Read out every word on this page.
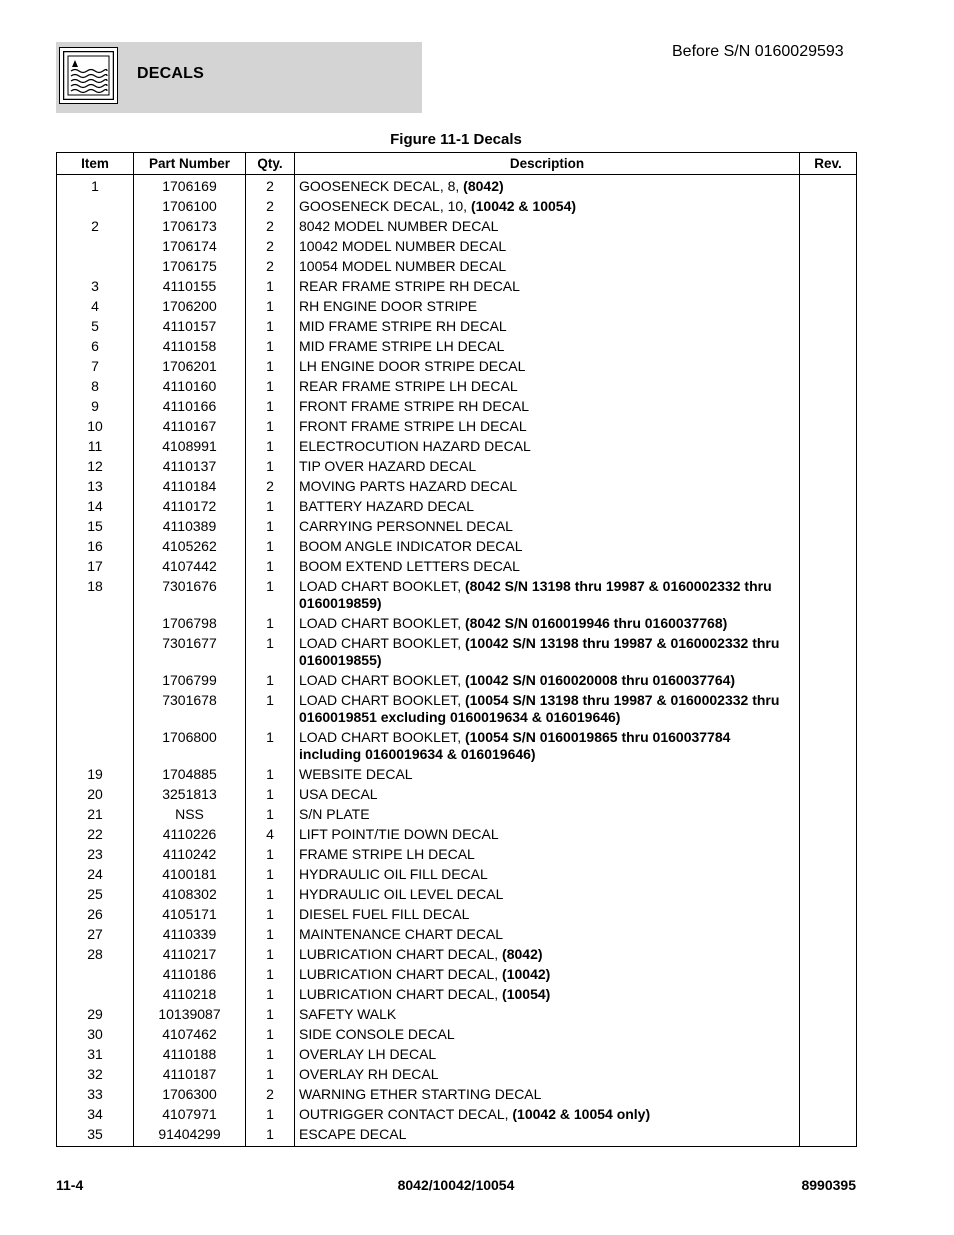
DECALS
Before S/N 0160029593
Figure 11-1 Decals
Item	Part Number	Qty.	Description	Rev.
1	1706169	2	GOOSENECK DECAL, 8, (8042)	
	1706100	2	GOOSENECK DECAL, 10, (10042 & 10054)	
2	1706173	2	8042 MODEL NUMBER DECAL	
	1706174	2	10042 MODEL NUMBER DECAL	
	1706175	2	10054 MODEL NUMBER DECAL	
3	4110155	1	REAR FRAME STRIPE RH DECAL	
4	1706200	1	RH ENGINE DOOR STRIPE	
5	4110157	1	MID FRAME STRIPE RH DECAL	
6	4110158	1	MID FRAME STRIPE LH DECAL	
7	1706201	1	LH ENGINE DOOR STRIPE DECAL	
8	4110160	1	REAR FRAME STRIPE LH DECAL	
9	4110166	1	FRONT FRAME STRIPE RH DECAL	
10	4110167	1	FRONT FRAME STRIPE LH DECAL	
11	4108991	1	ELECTROCUTION HAZARD DECAL	
12	4110137	1	TIP OVER HAZARD DECAL	
13	4110184	2	MOVING PARTS HAZARD DECAL	
14	4110172	1	BATTERY HAZARD DECAL	
15	4110389	1	CARRYING PERSONNEL DECAL	
16	4105262	1	BOOM ANGLE INDICATOR DECAL	
17	4107442	1	BOOM EXTEND LETTERS DECAL	
18	7301676	1	LOAD CHART BOOKLET, (8042 S/N 13198 thru 19987 & 0160002332 thru 0160019859)	
	1706798	1	LOAD CHART BOOKLET, (8042 S/N 0160019946 thru 0160037768)	
	7301677	1	LOAD CHART BOOKLET, (10042 S/N 13198 thru 19987 & 0160002332 thru 0160019855)	
	1706799	1	LOAD CHART BOOKLET, (10042 S/N 0160020008 thru 0160037764)	
	7301678	1	LOAD CHART BOOKLET, (10054 S/N 13198 thru 19987 & 0160002332 thru 0160019851 excluding 0160019634 & 016019646)	
	1706800	1	LOAD CHART BOOKLET, (10054 S/N 0160019865 thru 0160037784 including 0160019634 & 016019646)	
19	1704885	1	WEBSITE DECAL	
20	3251813	1	USA DECAL	
21	NSS	1	S/N PLATE	
22	4110226	4	LIFT POINT/TIE DOWN DECAL	
23	4110242	1	FRAME STRIPE LH DECAL	
24	4100181	1	HYDRAULIC OIL FILL DECAL	
25	4108302	1	HYDRAULIC OIL LEVEL DECAL	
26	4105171	1	DIESEL FUEL FILL DECAL	
27	4110339	1	MAINTENANCE CHART DECAL	
28	4110217	1	LUBRICATION CHART DECAL, (8042)	
	4110186	1	LUBRICATION CHART DECAL, (10042)	
	4110218	1	LUBRICATION CHART DECAL, (10054)	
29	10139087	1	SAFETY WALK	
30	4107462	1	SIDE CONSOLE DECAL	
31	4110188	1	OVERLAY LH DECAL	
32	4110187	1	OVERLAY RH DECAL	
33	1706300	2	WARNING ETHER STARTING DECAL	
34	4107971	1	OUTRIGGER CONTACT DECAL, (10042 & 10054 only)	
35	91404299	1	ESCAPE DECAL	
11-4	8042/10042/10054	8990395
